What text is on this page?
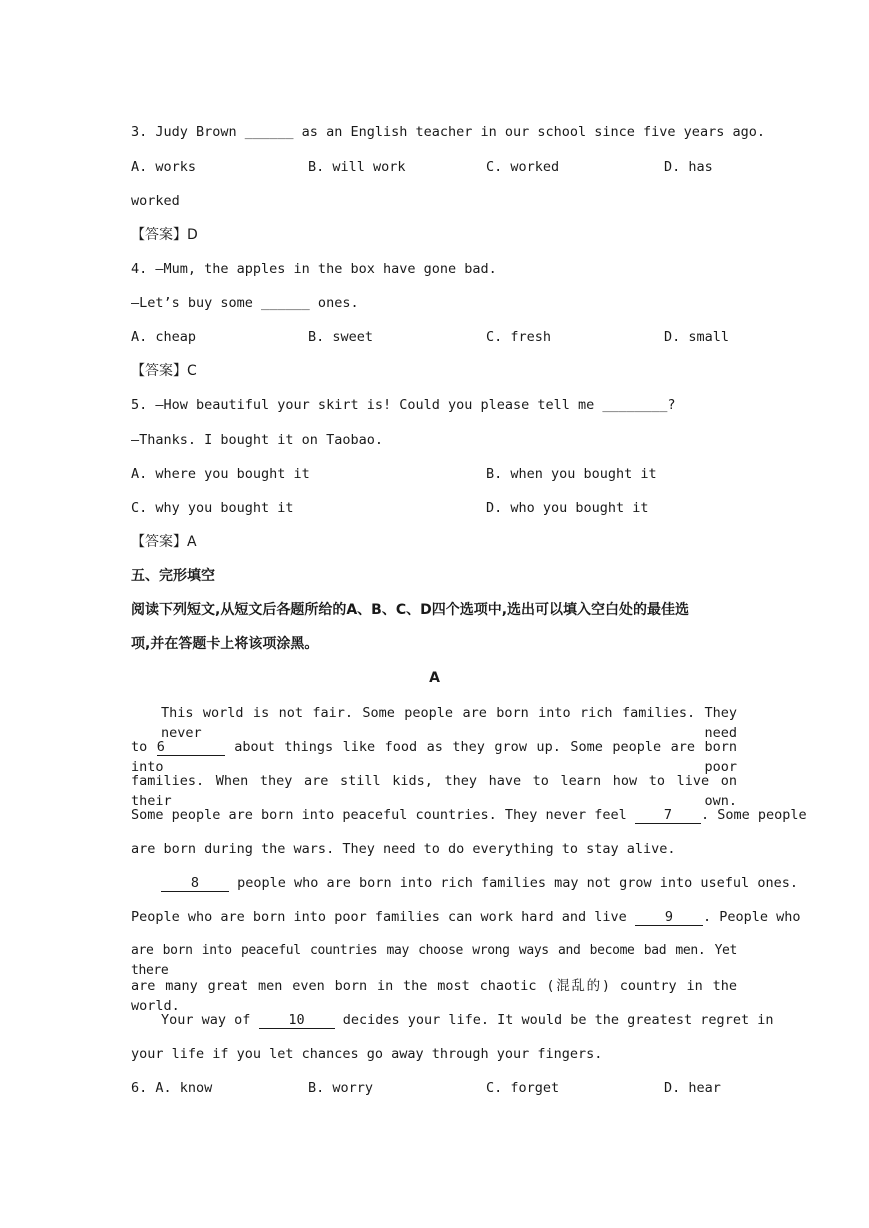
3. Judy Brown ______ as an English teacher in our school since five years ago.
A. works	B. will work	C. worked	D. has
worked
【答案】D
4. —Mum, the apples in the box have gone bad.
—Let’s buy some ______ ones.
A. cheap	B. sweet	C. fresh	D. small
【答案】C
5. —How beautiful your skirt is! Could you please tell me ________?
—Thanks. I bought it on Taobao.
A. where you bought it	B. when you bought it
C. why you bought it	D. who you bought it
【答案】A
五、完形填空
阅读下列短文,从短文后各题所给的A、B、C、D四个选项中,选出可以填入空白处的最佳选
项,并在答题卡上将该项涂黑。
A
This world is not fair. Some people are born into rich families. They never need
to 6	about things like food as they grow up. Some people are born into poor
families. When they are still kids, they have to learn how to live on their own.
Some people are born into peaceful countries. They never feel	7 . Some people
are born during the wars. They need to do everything to stay alive.
8	people who are born into rich families may not grow into useful ones.
People who are born into poor families can work hard and live	9 . People who
are born into peaceful countries may choose wrong ways and become bad men. Yet there
are many great men even born in the most chaotic (混乱的) country in the world.
Your way of	10	decides your life. It would be the greatest regret in
your life if you let chances go away through your fingers.
6. A. know	B. worry	C. forget	D. hear
